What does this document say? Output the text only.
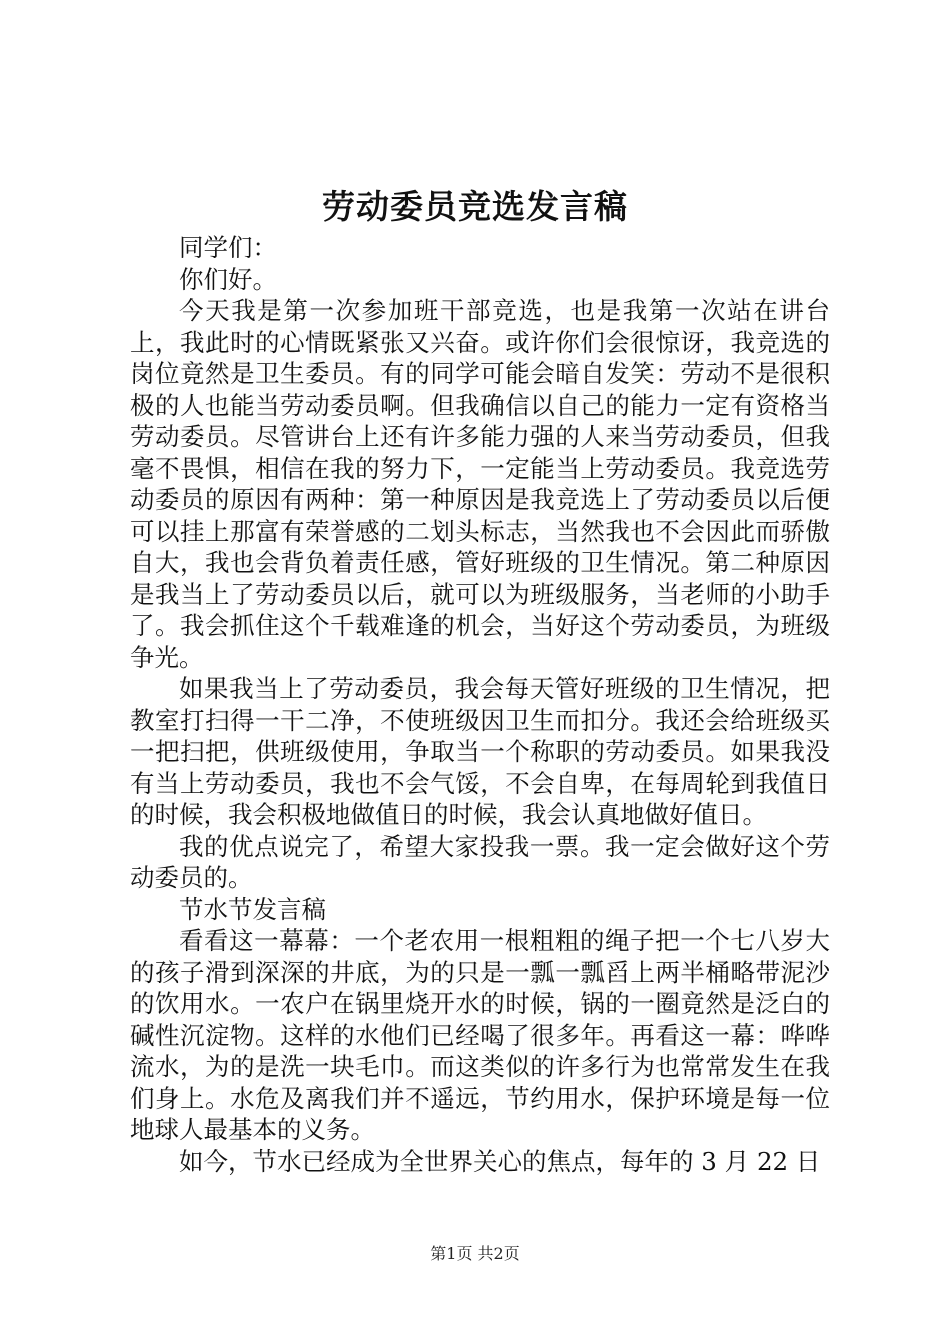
劳动委员竞选发言稿

同学们：

你们好。

今天我是第一次参加班干部竞选，也是我第一次站在讲台上，我此时的心情既紧张又兴奋。或许你们会很惊讶，我竞选的岗位竟然是卫生委员。有的同学可能会暗自发笑：劳动不是很积极的人也能当劳动委员啊。但我确信以自己的能力一定有资格当劳动委员。尽管讲台上还有许多能力强的人来当劳动委员，但我毫不畏惧，相信在我的努力下，一定能当上劳动委员。我竞选劳动委员的原因有两种：第一种原因是我竞选上了劳动委员以后便可以挂上那富有荣誉感的二划头标志，当然我也不会因此而骄傲自大，我也会背负着责任感，管好班级的卫生情况。第二种原因是我当上了劳动委员以后，就可以为班级服务，当老师的小助手了。我会抓住这个千载难逢的机会，当好这个劳动委员，为班级争光。

如果我当上了劳动委员，我会每天管好班级的卫生情况，把教室打扫得一干二净，不使班级因卫生而扣分。我还会给班级买一把扫把，供班级使用，争取当一个称职的劳动委员。如果我没有当上劳动委员，我也不会气馁，不会自卑，在每周轮到我值日的时候，我会积极地做值日的时候，我会认真地做好值日。

我的优点说完了，希望大家投我一票。我一定会做好这个劳动委员的。

节水节发言稿

看看这一幕幕：一个老农用一根粗粗的绳子把一个七八岁大的孩子滑到深深的井底，为的只是一瓢一瓢舀上两半桶略带泥沙的饮用水。一农户在锅里烧开水的时候，锅的一圈竟然是泛白的碱性沉淀物。这样的水他们已经喝了很多年。再看这一幕：哗哗流水，为的是洗一块毛巾。而这类似的许多行为也常常发生在我们身上。水危及离我们并不遥远，节约用水，保护环境是每一位地球人最基本的义务。

如今，节水已经成为全世界关心的焦点，每年的 3 月 22 日

第1页 共2页
